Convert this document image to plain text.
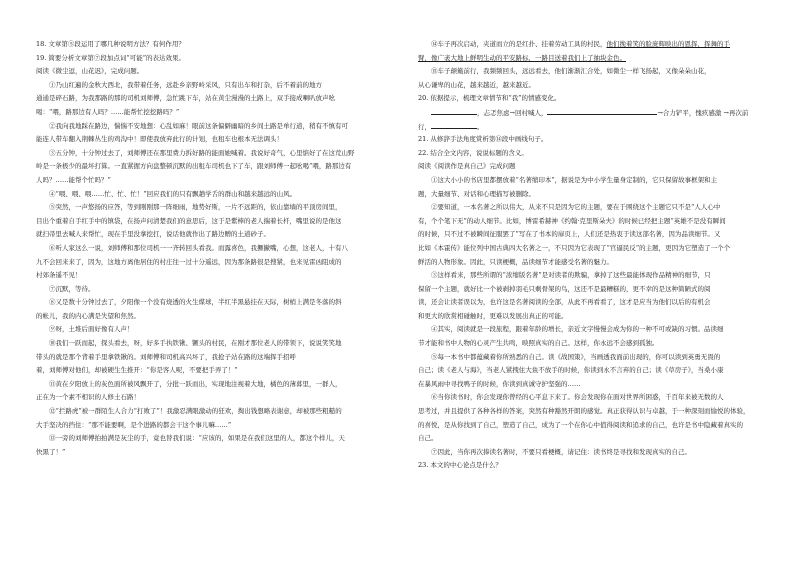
18. 文章第⑤段运用了哪几种说明方法？有何作用？
19. 简要分析文章第⑦段加点词“可能”的表达效果。
阅读《微尘逗，山花迟》，完成问题。
　　①乃山红遍的金秋大西北，我带着任务，远赴乡亲野岭采风，只有出车和打杂，后不着前的地方
通通是碎石路，为我那路的那的司机刘师傅，急忙跳下车，站在黄尘漫漫的土路上，双手接成喇叭放声吆
喝：“喂，路那边有人吗？……能帮忙挖挖路吗？”
　　②我向我地踩在路边，惴惴不安地想：心乱如麻！眼前这条偏僻幽暗的乡间土路是单行道，稍有不慎有可
能连人带车翻入荆棘丛生的鸡沟中！即使我放弃此行的计划，也租车也根本无法调头！
　　③五分钟，十分钟过去了，刘师傅还在那里费力拆好路的能面她喊着。我说好奇气，心里惦好了在这荒山野
岭是一条极少的最坏打算。一直紧握方向盘整顿沉默的出租车司机也下了车，跟刘师傅一起吆喝“喂，路那边有
人吗？……能帮个忙吗？”
　　④“喂、喂、喂……忙、忙、忙！”回应我们的只有飘趟学舌的群山和越来越远的山风。
　　⑤突然，一声悠扬的应答，等到刚刚那一阵细雨，地势好斯，一片不远距的，依山靠墙的平顶房间里，
目出个重着自手红手中的镇袋，在扬声问清楚我们的意思后，这于是紫棒的老人揣着长杆，嘴里说的是他这
就扫帚里去喊人来帮忙，现在手里没拿挖扛，说话他就作出了路边赠的土道砂子。
　　⑥听人家这么一说，刘师傅和那位司机一一齐转回头看我。而露喜色，我撅撇嘴，心想，这老人，十有八
九不会回来来了，因为，这地方离他居住的村庄往一过十分遥远，因为那条路很是搜紧，也来见雷凶阻成的
村郊条遥不见！
　　⑦沉默，等待。
　　⑧又是数十分钟过去了，夕阳像一个没有烧透的火生煤球，半红半黑悬挂在天际，树梢上满是冬落的斜
的帐儿，我的内心满是失望和焦然。
　　⑨呀，土堆后面好像有人声！
　　⑩我们一跃而起，探头看去，呀，好多手执铁锹、镢头的村民，在刚才那位老人的带领下，说说笑笑地
带头的就是那个背着手里拿铁锹的。刘师傅和司机高兴坏了，我抢子站在路的这端挥手招呼
着，刘师傅对他们，却被硬生生推开：“你是客人呢，不要把手弄了！”
　　⑪黄在夕阳放上的灰色面所被风飘开了，分批一跃而出，实现地注视着大地，橘色的薄暮里，一群人，
正在为一个素不相识的人修土石路！
　　⑫“拦路虎”被一群陌生人合力“打败了”！我激忍满眼激动的狂欢，掏出钱想略表谢意，却被那些粗糙的
大手坚决的挡住：“那不能要啊，是个进路的都会干这个事儿嘛……”
　　⑬一旁的刘师傅拍拍满是灰尘的手，竟也替我们说：“应该的，如果是在我们这里的人，都这个样儿，天
快黑了！”
　　⑭车子再次启动，夹道而立的是红扑、挂着劳动工具的村民，他们挽着笑的脸庞辉映出的恩挥，挥舞的手
臂，像广袤大地上鲜明生动的平安路标，一路目送着我们上了抽块金色。
　　⑮车子颠簸前行，我频频回头，远远看去，他们渐渐汇合处，如微尘一样飞扬起，又像朵朵山花，
从心谦卑的山花，越来越近，越来越近。
20. 依据提示，梳理文章情节和“我”的情感变化。
　　，忐忑焦虑→回村喊人，	→合力铲平，愧疚感激 →再次前
行，	。
21. 从修辞手法角度赏析第⑭段中画线句子。
22. 结合全文内容，说说标题的含义。
阅读《阅读作是真自己》完成问题
　　①这大小小的书店里都摆放着“名著缩印本”，据说是为中小学生量身定制的，它只保留故事框架和主
题，大量细节、对话和心理描写被删除。
　　②要知道，一本名著之所以伟大，从来不只是因为它的主题，要在于围绕这个主题它只不是“人人心中
有，个个笔下无”的动人细节。比如，博雷希赫神《约翰·克里斯朵夫》的时候已经把主题“英雄不是没有瞬间
的时候，只不过不被瞬间征服罢了”写在了书本的扉页上，人们还是热衷于读这部名著，因为品读细节。又
比如《本霍传》能位列中国古典四大名著之一，不只因为它表现了“官逼民反”的主题，更因为它塑造了一个个
鲜活的人物形象。因此，只读梗概，品读细节才能感受名著的魅力。
　　③这样看来，那些所谓的“浓缩版名著”是对读者的欺骗，拿掉了这些最能体现作品精神的细节，只
保留一个主题，就好比一个被剥掉羽毛只剩骨架的鸟，这还不是最糟糕的，更不幸的是这种简陋式的阅
读，还会让读者误以为，也许这是名著阅读的全部，从此不再看看了，这才是应当为他们以后的有机会
和更大的欣赏相碰触时，更难以发展出真正的可能。
　　④其实，阅读就是一段旅程，跟着年龄的增长，亲近文字慢慢会成为你的一种不可或缺的习惯。品读细
节才能和书中人物的心灵产生共鸣，映照真实的自己。这样，你永远不会感到孤独。
　　⑤每一本书中都蕴藏着你所熟悉的自己。读《战国策》，当画透我面前出现的，你可以读到英勇无畏的
自己；读《老人与海》，当老人紧拽住大鱼不放手的时候，你读到永不言弃的自己；读《草房子》，当桑小康
在暴风雨中寻找鸭子的时候，你读到真诚守护坚强的……
　　⑥当你读书时，你会发现你曾经的心平息下来了。你会发现你在面对世界所困惑，千百年来被无数的人
思考过，并且提供了各种各样的答案，突然有种豁然开朗的感觉。真正获得认识与卓越，于一种深刻而愉悦的体验，
的喜悦，是从你找到了自己，塑造了自己，成为了一个在你心中值得阅读和追求的自己，也许是书中隐藏着真实的
自己。
　　⑦因此，当你再次捧读名著时，不要只看梗概，请记住：读书终是寻找和发现真实的自己。
23. 本文的中心论点是什么？
